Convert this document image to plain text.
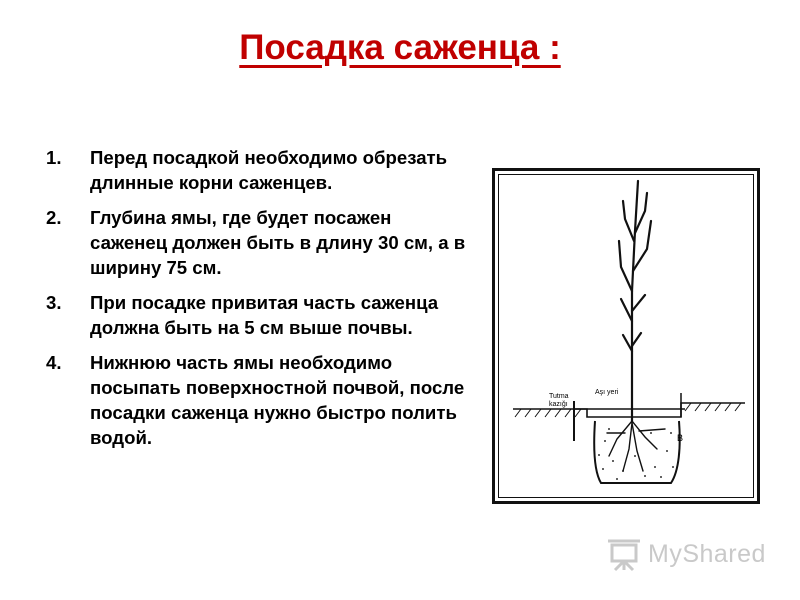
Посадка саженца :
1.	Перед посадкой необходимо обрезать длинные корни саженцев.
2.	Глубина ямы, где будет посажен саженец должен быть в длину 30 см, а в ширину 75 см.
3.	При посадке привитая часть саженца должна быть на 5 см выше почвы.
4.	Нижнюю часть ямы необходимо посыпать поверхностной почвой, после посадки саженца нужно быстро полить водой.
Tutma kazığı
Aşı yeri
B
MyShared
